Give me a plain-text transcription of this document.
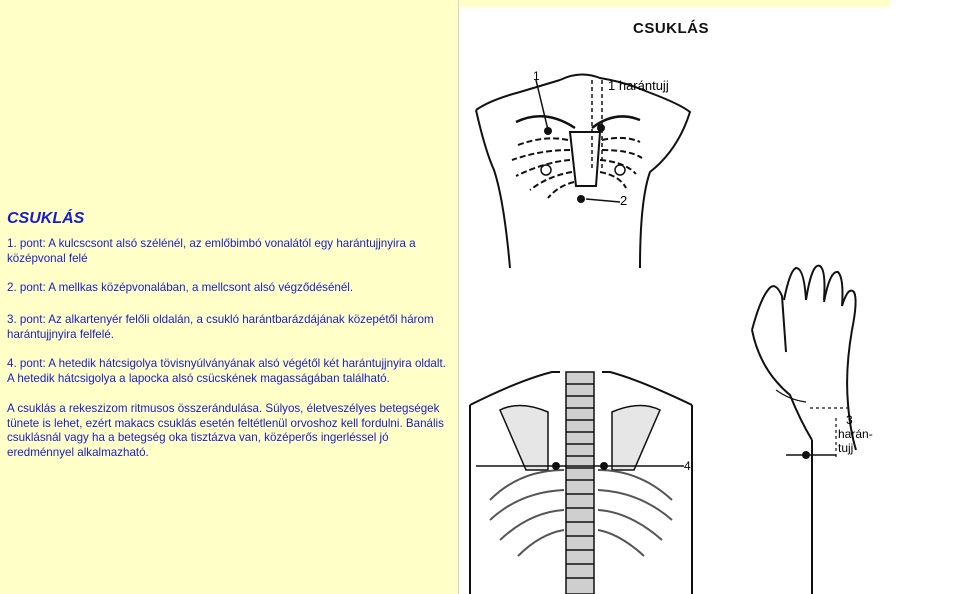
CSUKLÁS

1. pont: A kulcscsont alsó szélénél, az emlőbimbó vonalától egy harántujjnyira a középvonal felé

2. pont: A mellkas középvonalában, a mellcsont alsó végződésénél.

3. pont: Az alkartenyér felőli oldalán, a csukló harántbarázdájának közepétől három harántujjnyira felfelé.

4. pont: A hetedik hátcsigolya tövisnyúlványának alsó végétől két harántujjnyira oldalt. A hetedik hátcsigolya a lapocka alsó csücskének magasságában található.

A csuklás a rekeszizom ritmusos összerándulása. Súlyos, életveszélyes betegségek tünete is lehet, ezért makacs csuklás esetén feltétlenül orvoshoz kell fordulni. Banális csuklásnál vagy ha a betegség oka tisztázva van, középerős ingerléssel jó eredménnyel alkalmazható.

CSUKLÁS
1
1 harántujj
2
3
harán-
tujj
4
